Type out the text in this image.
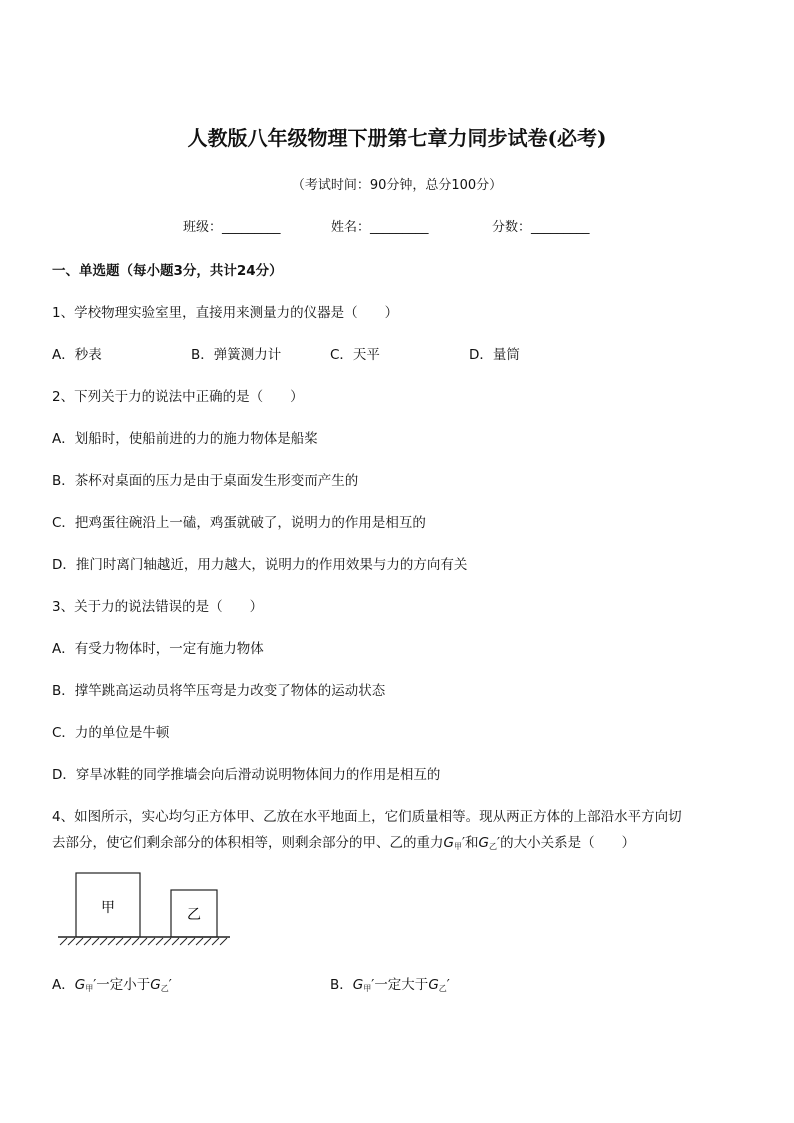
人教版八年级物理下册第七章力同步试卷(必考)
（考试时间：90分钟，总分100分）
班级：_________	姓名：_________	分数：_________
一、单选题（每小题3分，共计24分）
1、学校物理实验室里，直接用来测量力的仪器是（　　）
A．秒表	B．弹簧测力计	C．天平	D．量筒
2、下列关于力的说法中正确的是（　　）
A．划船时，使船前进的力的施力物体是船桨
B．茶杯对桌面的压力是由于桌面发生形变而产生的
C．把鸡蛋往碗沿上一磕，鸡蛋就破了，说明力的作用是相互的
D．推门时离门轴越近，用力越大，说明力的作用效果与力的方向有关
3、关于力的说法错误的是（　　）
A．有受力物体时，一定有施力物体
B．撑竿跳高运动员将竿压弯是力改变了物体的运动状态
C．力的单位是牛顿
D．穿旱冰鞋的同学推墙会向后滑动说明物体间力的作用是相互的
4、如图所示，实心均匀正方体甲、乙放在水平地面上，它们质量相等。现从两正方体的上部沿水平方向切
去部分，使它们剩余部分的体积相等，则剩余部分的甲、乙的重力$G_甲'$和$G_乙'$的大小关系是（　　）
甲	乙
A．$G_甲'$一定小于$G_乙'$	B．$G_甲'$一定大于$G_乙'$
